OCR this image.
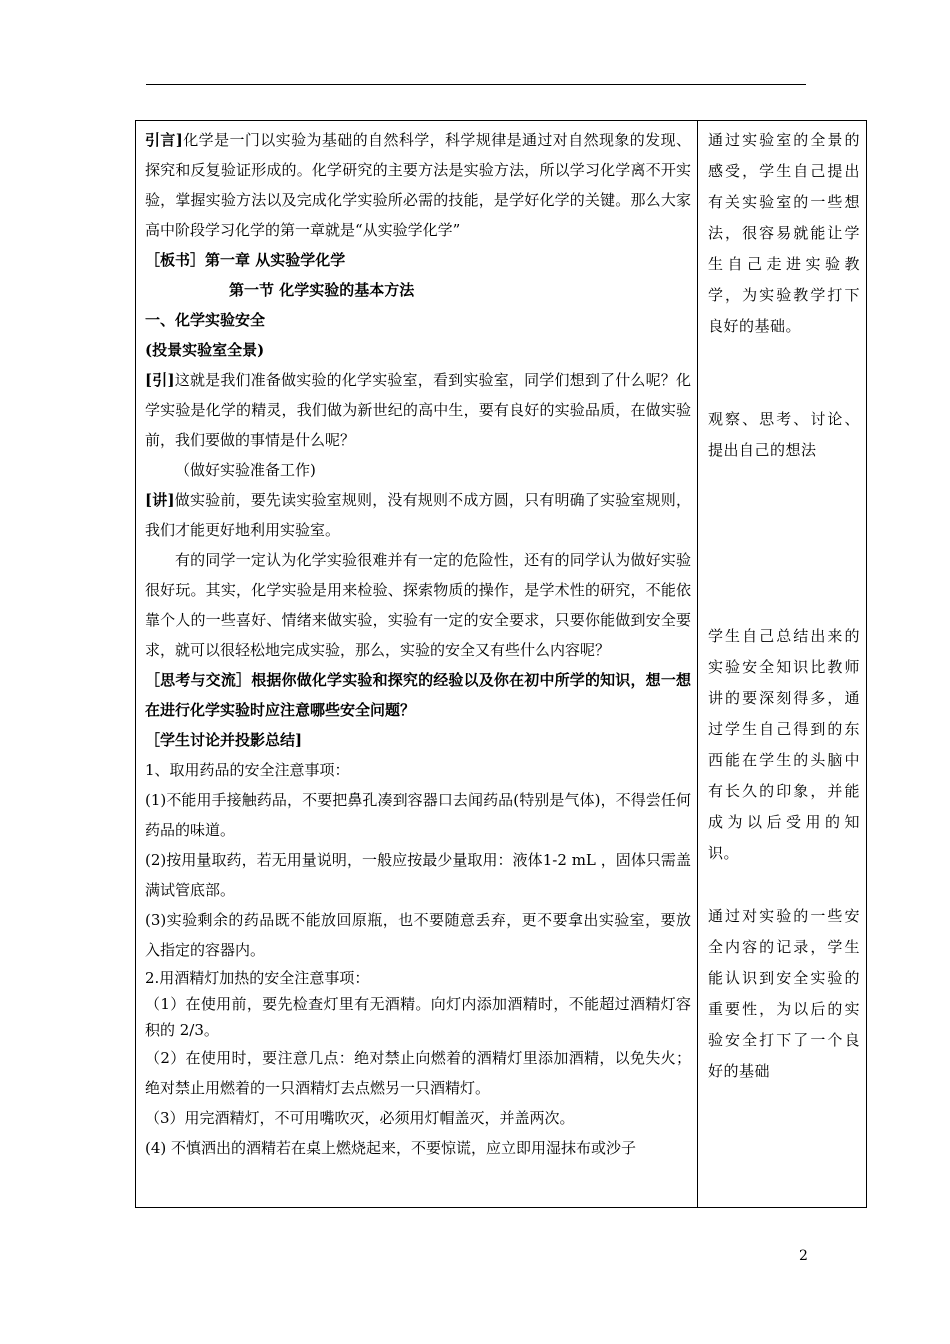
引言]化学是一门以实验为基础的自然科学，科学规律是通过对自然现象的发现、探究和反复验证形成的。化学研究的主要方法是实验方法，所以学习化学离不开实验，掌握实验方法以及完成化学实验所必需的技能，是学好化学的关键。那么大家高中阶段学习化学的第一章就是“从实验学化学”

［板书］第一章 从实验学化学

第一节 化学实验的基本方法

一、化学实验安全

(投景实验室全景)

[引]这就是我们准备做实验的化学实验室，看到实验室，同学们想到了什么呢？化学实验是化学的精灵，我们做为新世纪的高中生，要有良好的实验品质，在做实验前，我们要做的事情是什么呢？

（做好实验准备工作)

[讲]做实验前，要先读实验室规则，没有规则不成方圆，只有明确了实验室规则，我们才能更好地利用实验室。

有的同学一定认为化学实验很难并有一定的危险性，还有的同学认为做好实验很好玩。其实，化学实验是用来检验、探索物质的操作，是学术性的研究，不能依靠个人的一些喜好、情绪来做实验，实验有一定的安全要求，只要你能做到安全要求，就可以很轻松地完成实验，那么，实验的安全又有些什么内容呢？

［思考与交流］根据你做化学实验和探究的经验以及你在初中所学的知识，想一想在进行化学实验时应注意哪些安全问题？

［学生讨论并投影总结]

1、取用药品的安全注意事项：

(1)不能用手接触药品，不要把鼻孔凑到容器口去闻药品(特别是气体)，不得尝任何药品的味道。

(2)按用量取药，若无用量说明，一般应按最少量取用：液体1-2 mL ，固体只需盖满试管底部。

(3)实验剩余的药品既不能放回原瓶，也不要随意丢弃，更不要拿出实验室，要放入指定的容器内。

2.用酒精灯加热的安全注意事项：

（1）在使用前，要先检查灯里有无酒精。向灯内添加酒精时，不能超过酒精灯容积的 2/3。

（2）在使用时，要注意几点：绝对禁止向燃着的酒精灯里添加酒精，以免失火；绝对禁止用燃着的一只酒精灯去点燃另一只酒精灯。

（3）用完酒精灯，不可用嘴吹灭，必须用灯帽盖灭，并盖两次。

(4) 不慎洒出的酒精若在桌上燃烧起来，不要惊谎，应立即用湿抹布或沙子

通过实验室的全景的感受，学生自己提出有关实验室的一些想法，很容易就能让学生自己走进实验教学，为实验教学打下良好的基础。

观察、思考、讨论、提出自己的想法

学生自己总结出来的实验安全知识比教师讲的要深刻得多，通过学生自己得到的东西能在学生的头脑中有长久的印象，并能成为以后受用的知识。

通过对实验的一些安全内容的记录，学生能认识到安全实验的重要性，为以后的实验安全打下了一个良好的基础

2
